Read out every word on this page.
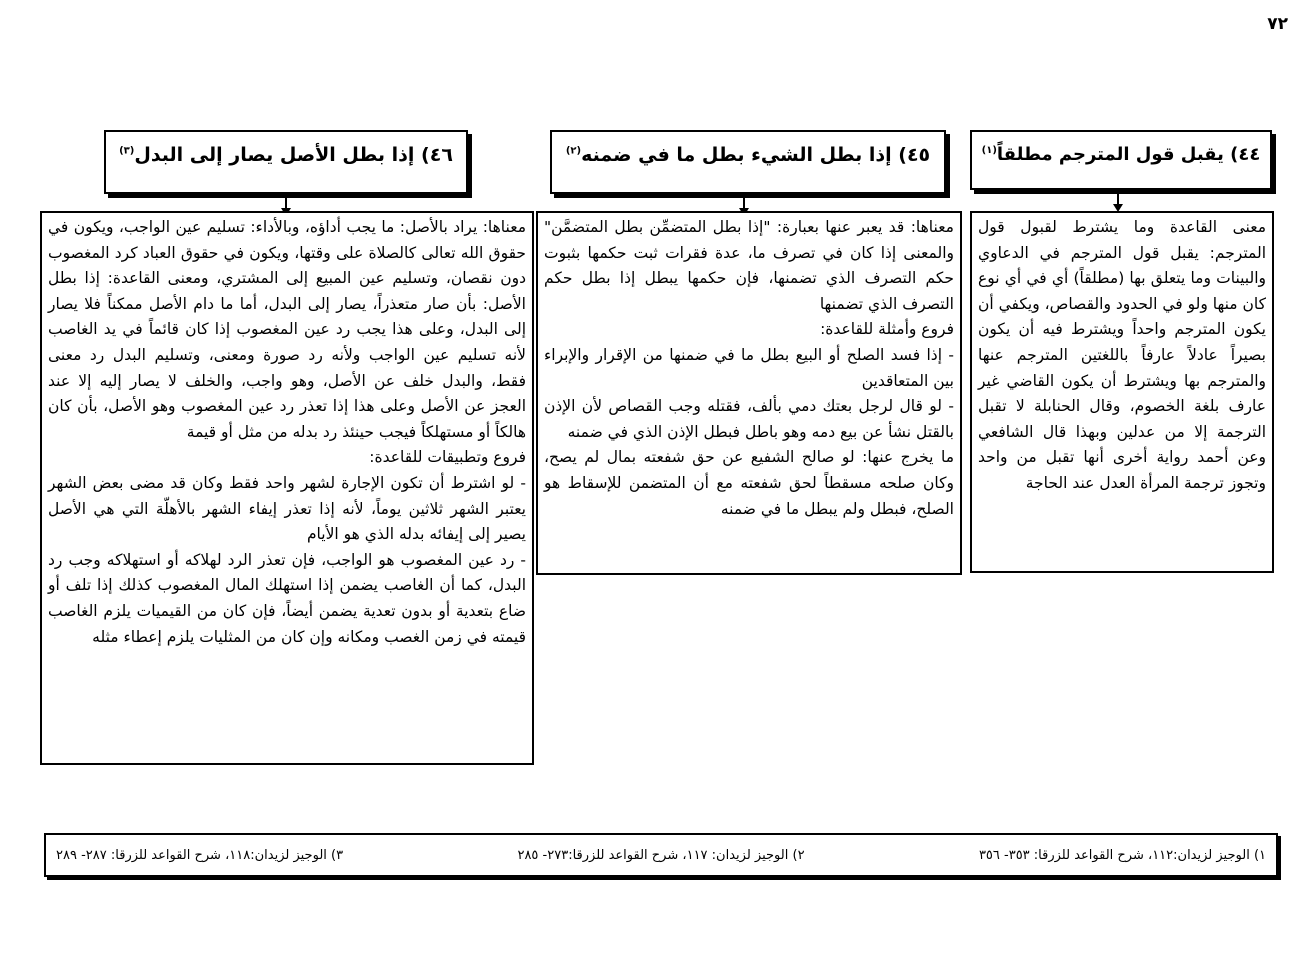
٧٢
٤٤) يقبل قول المترجم مطلقاً$^{(١)}$

معنى القاعدة وما يشترط لقبول قول المترجم: يقبل قول المترجم في الدعاوي والبينات وما يتعلق بها (مطلقاً) أي في أي نوع كان منها ولو في الحدود والقصاص، ويكفي أن يكون المترجم واحداً ويشترط فيه أن يكون بصيراً عادلاً عارفاً باللغتين المترجم عنها والمترجم بها ويشترط أن يكون القاضي غير عارف بلغة الخصوم، وقال الحنابلة لا تقبل الترجمة إلا من عدلين وبهذا قال الشافعي وعن أحمد رواية أخرى أنها تقبل من واحد وتجوز ترجمة المرأة العدل عند الحاجة

٤٥) إذا بطل الشيء بطل ما في ضمنه$^{(٢)}$

معناها: قد يعبر عنها بعبارة: "إذا بطل المتضمِّن بطل المتضمَّن" والمعنى إذا كان في تصرف ما، عدة فقرات ثبت حكمها بثبوت حكم التصرف الذي تضمنها، فإن حكمها يبطل إذا بطل حكم التصرف الذي تضمنها

فروع وأمثلة للقاعدة:

- إذا فسد الصلح أو البيع بطل ما في ضمنها من الإقرار والإبراء بين المتعاقدين

- لو قال لرجل بعتك دمي بألف، فقتله وجب القصاص لأن الإذن بالقتل نشأ عن بيع دمه وهو باطل فبطل الإذن الذي في ضمنه

ما يخرج عنها: لو صالح الشفيع عن حق شفعته بمال لم يصح، وكان صلحه مسقطاً لحق شفعته مع أن المتضمن للإسقاط هو الصلح، فبطل ولم يبطل ما في ضمنه

٤٦) إذا بطل الأصل يصار إلى البدل$^{(٣)}$

معناها: يراد بالأصل: ما يجب أداؤه، وبالأداء: تسليم عين الواجب، ويكون في حقوق الله تعالى كالصلاة على وقتها، ويكون في حقوق العباد كرد المغصوب دون نقصان، وتسليم عين المبيع إلى المشتري، ومعنى القاعدة: إذا بطل الأصل: بأن صار متعذراً، يصار إلى البدل، أما ما دام الأصل ممكناً فلا يصار إلى البدل، وعلى هذا يجب رد عين المغصوب إذا كان قائماً في يد الغاصب لأنه تسليم عين الواجب ولأنه رد صورة ومعنى، وتسليم البدل رد معنى فقط، والبدل خلف عن الأصل، وهو واجب، والخلف لا يصار إليه إلا عند العجز عن الأصل وعلى هذا إذا تعذر رد عين المغصوب وهو الأصل، بأن كان هالكاً أو مستهلكاً فيجب حينئذ رد بدله من مثل أو قيمة

فروع وتطبيقات للقاعدة:

- لو اشترط أن تكون الإجارة لشهر واحد فقط وكان قد مضى بعض الشهر يعتبر الشهر ثلاثين يوماً، لأنه إذا تعذر إيفاء الشهر بالأهلّة التي هي الأصل يصير إلى إيفائه بدله الذي هو الأيام

- رد عين المغصوب هو الواجب، فإن تعذر الرد لهلاكه أو استهلاكه وجب رد البدل، كما أن الغاصب يضمن إذا استهلك المال المغصوب كذلك إذا تلف أو ضاع بتعدية أو بدون تعدية يضمن أيضاً، فإن كان من القيميات يلزم الغاصب قيمته في زمن الغصب ومكانه وإن كان من المثليات يلزم إعطاء مثله

١) الوجيز لزيدان:١١٢، شرح القواعد للزرقا: ٣٥٣- ٣٥٦
٢) الوجيز لزيدان: ١١٧، شرح القواعد للزرقا:٢٧٣- ٢٨٥
٣) الوجيز لزيدان:١١٨، شرح القواعد للزرقا: ٢٨٧- ٢٨٩
